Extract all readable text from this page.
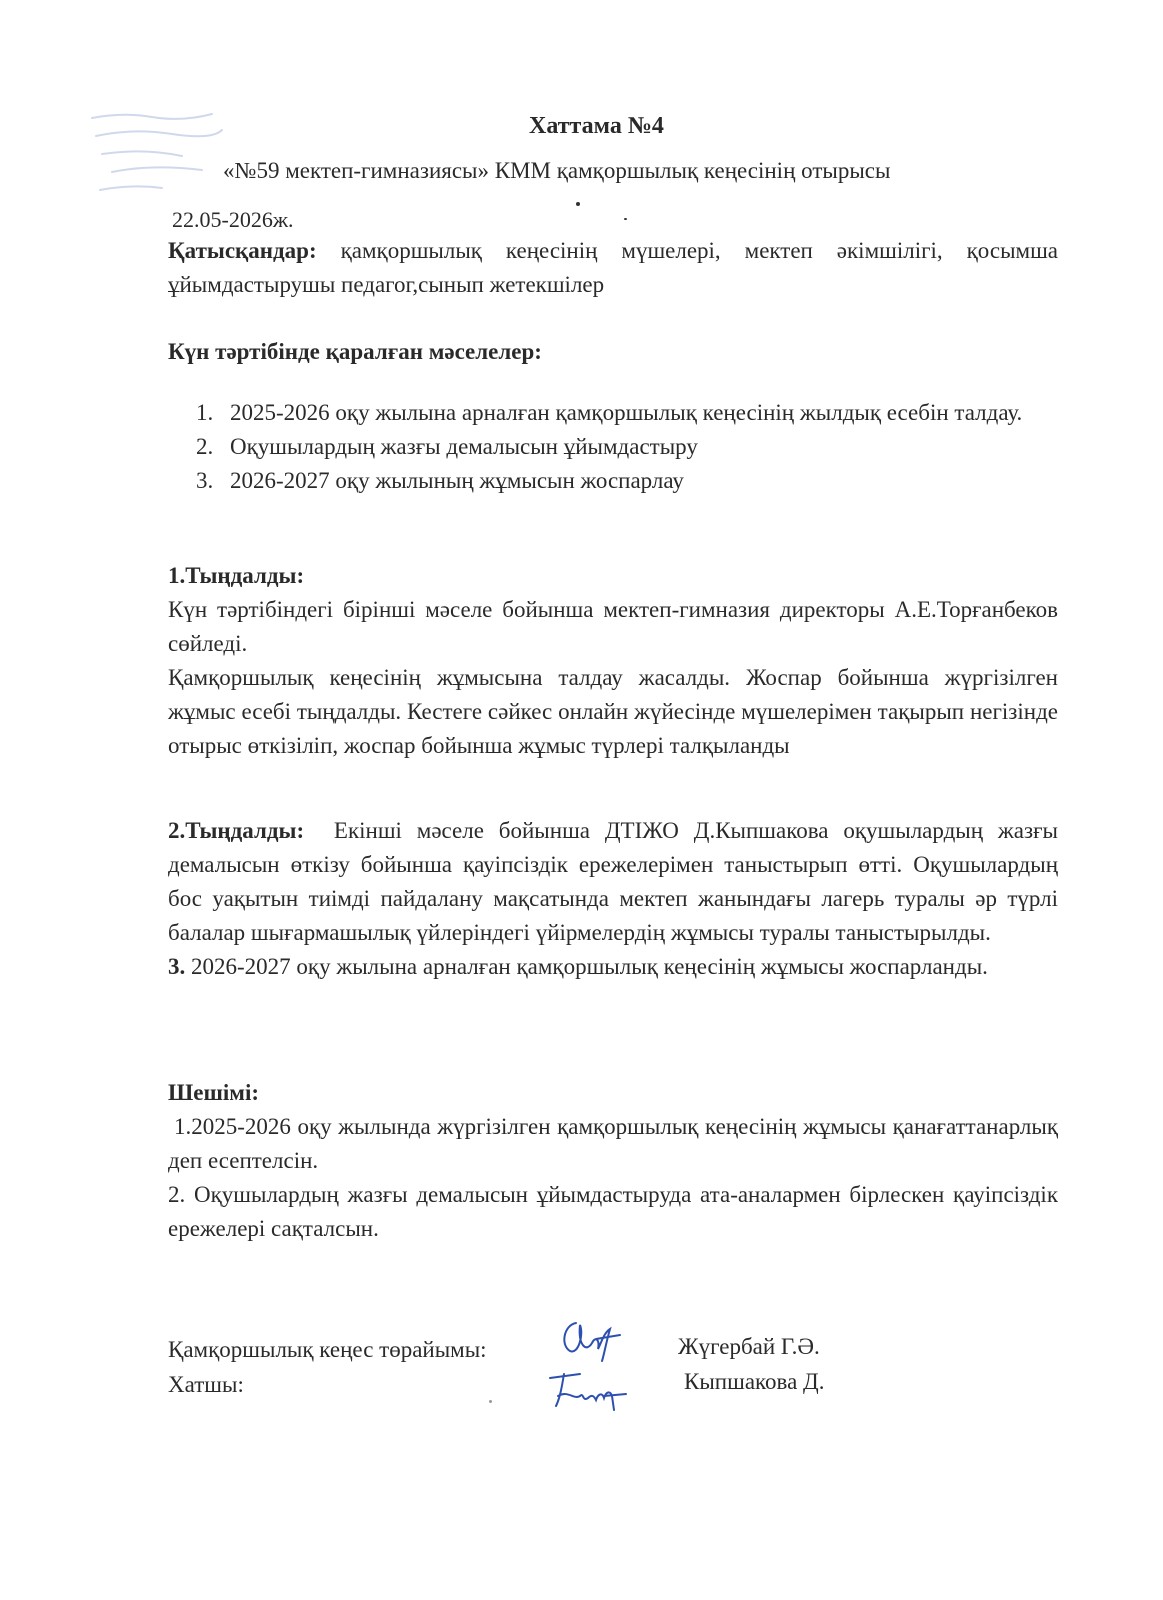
Хаттама №4
«№59 мектеп-гимназиясы» КММ қамқоршылық кеңесінің отырысы
22.05-2026ж.

Қатысқандар: қамқоршылық кеңесінің мүшелері, мектеп әкімшілігі, қосымша ұйымдастырушы педагог,сынып жетекшілер

Күн тәртібінде қаралған мәселелер:
1. 2025-2026 оқу жылына арналған қамқоршылық кеңесінің жылдық есебін талдау.
2. Оқушылардың жазғы демалысын ұйымдастыру
3. 2026-2027 оқу жылының жұмысын жоспарлау

1.Тыңдалды:

Күн тәртібіндегі бірінші мәселе бойынша мектеп-гимназия директоры А.Е.Торғанбеков сөйледі.

Қамқоршылық кеңесінің жұмысына талдау жасалды. Жоспар бойынша жүргізілген жұмыс есебі тыңдалды. Кестеге сәйкес онлайн жүйесінде мүшелерімен тақырып негізінде отырыс өткізіліп, жоспар бойынша жұмыс түрлері талқыланды

2.Тыңдалды: Екінші мәселе бойынша ДТІЖО Д.Кыпшакова оқушылардың жазғы демалысын өткізу бойынша қауіпсіздік ережелерімен таныстырып өтті. Оқушылардың бос уақытын тиімді пайдалану мақсатында мектеп жанындағы лагерь туралы әр түрлі балалар шығармашылық үйлеріндегі үйірмелердің жұмысы туралы таныстырылды.

3. 2026-2027 оқу жылына арналған қамқоршылық кеңесінің жұмысы жоспарланды.

Шешімі:

1.2025-2026 оқу жылында жүргізілген қамқоршылық кеңесінің жұмысы қанағаттанарлық деп есептелсін.

2. Оқушылардың жазғы демалысын ұйымдастыруда ата-аналармен бірлескен қауіпсіздік ережелері сақталсын.

Қамқоршылық кеңес төрайымы:
Хатшы:
Жүгербай Г.Ә.
Кыпшакова Д.
